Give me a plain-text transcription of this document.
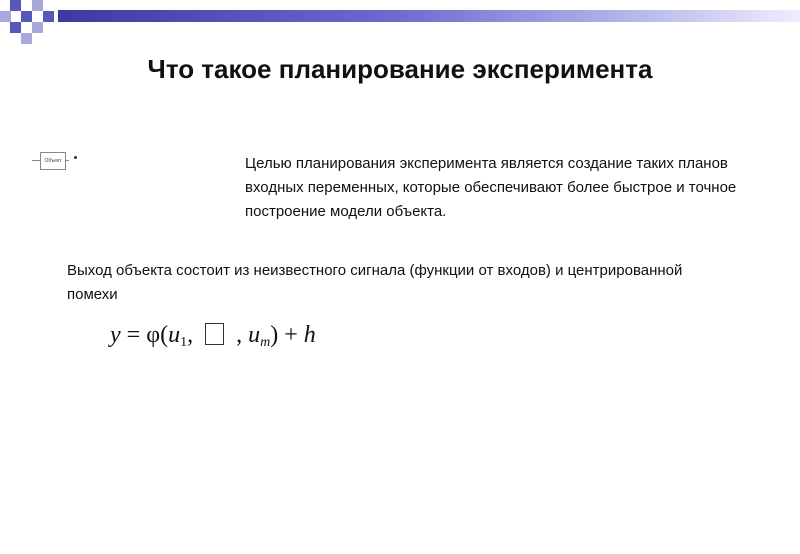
Что такое планирование эксперимента
Объект	Целью планирования эксперимента является создание таких планов входных переменных, которые обеспечивают более быстрое и точное построение модели объекта.
Выход объекта состоит из неизвестного сигнала (функции от входов) и центрированной помехи
$y = \varphi(u_1$,  , $u_m) + h$
